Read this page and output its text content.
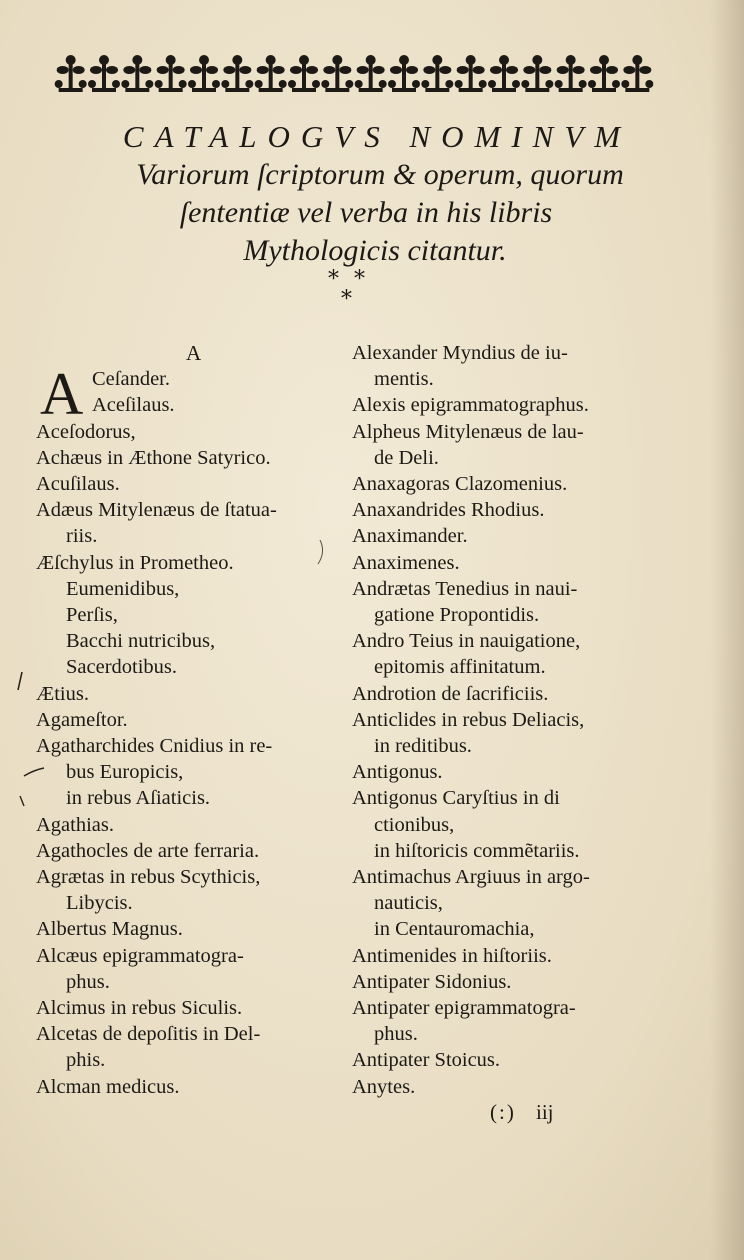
CATALOGVS NOMINVM
Variorum ſcriptorum & operum, quorum
ſententiæ vel verba in his libris
Mythologicis citantur.
* *
*
A
A Ceſander.
Aceſilaus.
Aceſodorus,
Achæus in Æthone Satyrico.
Acuſilaus.
Adæus Mitylenæus de ſtatua-
riis.
Æſchylus in Prometheo.
Eumenidibus,
Perſis,
Bacchi nutricibus,
Sacerdotibus.
Ætius.
Agameſtor.
Agatharchides Cnidius in re-
bus Europicis,
in rebus Aſiaticis.
Agathias.
Agathocles de arte ferraria.
Agrætas in rebus Scythicis,
Libycis.
Albertus Magnus.
Alcæus epigrammatogra-
phus.
Alcimus in rebus Siculis.
Alcetas de depoſitis in Del-
phis.
Alcman medicus.
Alexander Myndius de iu-
mentis.
Alexis epigrammatographus.
Alpheus Mitylenæus de lau-
de Deli.
Anaxagoras Clazomenius.
Anaxandrides Rhodius.
Anaximander.
Anaximenes.
Andrætas Tenedius in naui-
gatione Propontidis.
Andro Teius in nauigatione,
epitomis affinitatum.
Androtion de ſacrificiis.
Anticlides in rebus Deliacis,
in reditibus.
Antigonus.
Antigonus Caryſtius in di
ctionibus,
in hiſtoricis commẽtariis.
Antimachus Argiuus in argo-
nauticis,
in Centauromachia,
Antimenides in hiſtoriis.
Antipater Sidonius.
Antipater epigrammatogra-
phus.
Antipater Stoicus.
Anytes.
(:) iij
